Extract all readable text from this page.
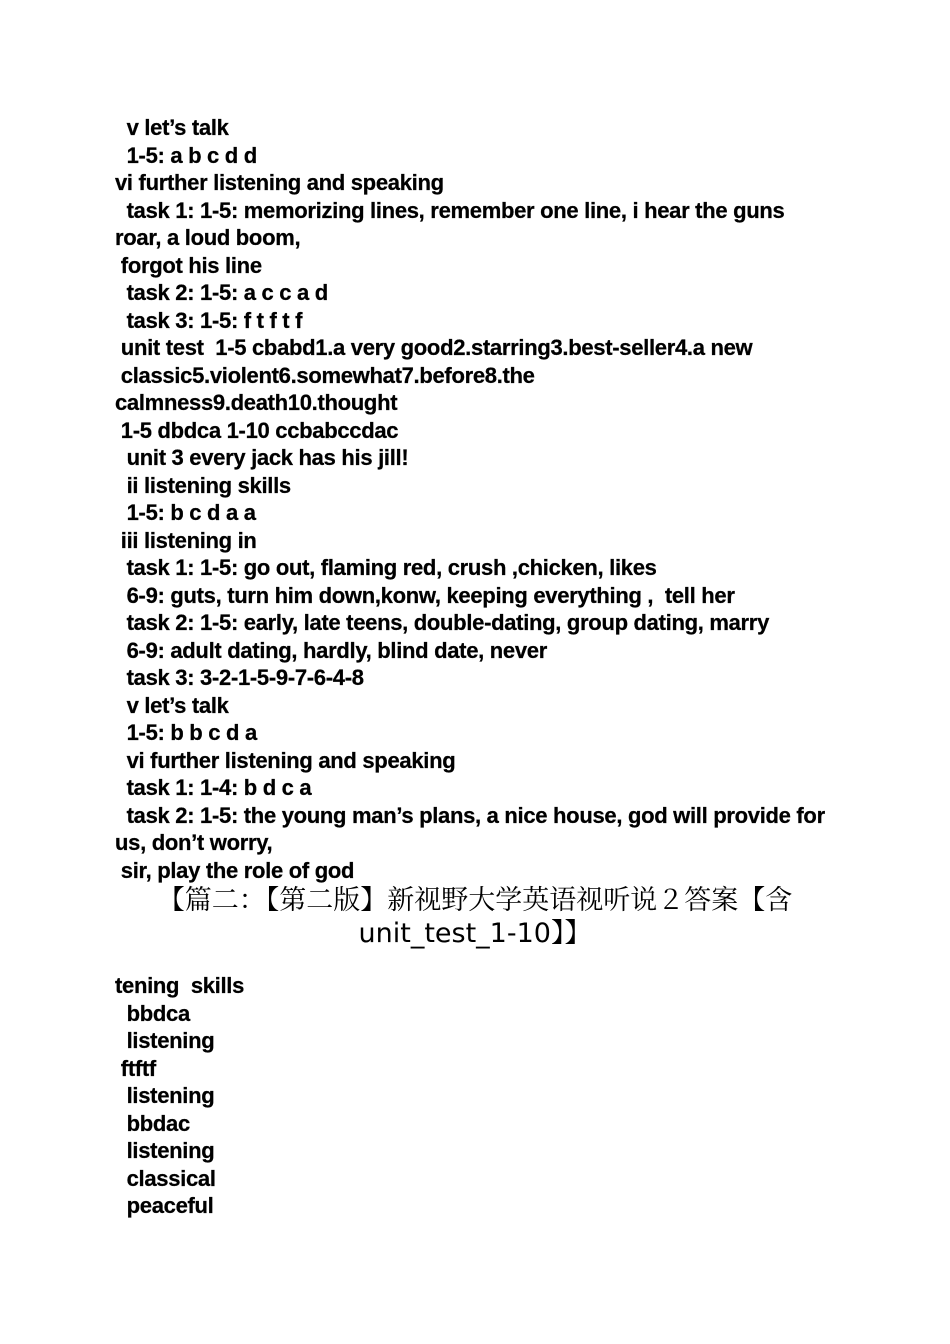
v let’s talk
1-5: a b c d d
vi further listening and speaking
task 1: 1-5: memorizing lines, remember one line, i hear the guns roar, a loud boom,
forgot his line
task 2: 1-5: a c c a d
task 3: 1-5: f t f t f
unit test  1-5 cbabd1.a very good2.starring3.best-seller4.a new
classic5.violent6.somewhat7.before8.the
calmness9.death10.thought
1-5 dbdca 1-10 ccbabccdac
unit 3 every jack has his jill!
ii listening skills
1-5: b c d a a
iii listening in
task 1: 1-5: go out, flaming red, crush ,chicken, likes
6-9: guts, turn him down,konw, keeping everything ,  tell her
task 2: 1-5: early, late teens, double-dating, group dating, marry
6-9: adult dating, hardly, blind date, never
task 3: 3-2-1-5-9-7-6-4-8
v let’s talk
1-5: b b c d a
vi further listening and speaking
task 1: 1-4: b d c a
task 2: 1-5: the young man’s plans, a nice house, god will provide for us, don’t worry,
sir, play the role of god
【篇二：【第二版】新视野大学英语视听说２答案【含
unit_test_1-10】】
tening  skills
bbdca
listening
ftftf
listening
bbdac
listening
classical
peaceful
